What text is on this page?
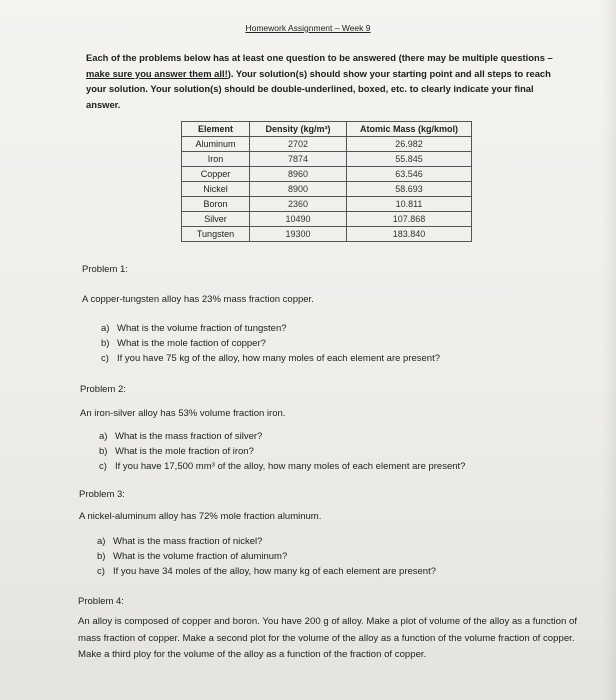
Homework Assignment – Week 9
Each of the problems below has at least one question to be answered (there may be multiple questions – make sure you answer them all!). Your solution(s) should show your starting point and all steps to reach your solution. Your solution(s) should be double-underlined, boxed, etc. to clearly indicate your final answer.
Element	Density (kg/m³)	Atomic Mass (kg/kmol)
Aluminum	2702	26.982
Iron	7874	55.845
Copper	8960	63.546
Nickel	8900	58.693
Boron	2360	10.811
Silver	10490	107.868
Tungsten	19300	183.840
Problem 1:
A copper-tungsten alloy has 23% mass fraction copper.
a) What is the volume fraction of tungsten?
b) What is the mole faction of copper?
c) If you have 75 kg of the alloy, how many moles of each element are present?
Problem 2:
An iron-silver alloy has 53% volume fraction iron.
a) What is the mass fraction of silver?
b) What is the mole fraction of iron?
c) If you have 17,500 mm³ of the alloy, how many moles of each element are present?
Problem 3:
A nickel-aluminum alloy has 72% mole fraction aluminum.
a) What is the mass fraction of nickel?
b) What is the volume fraction of aluminum?
c) If you have 34 moles of the alloy, how many kg of each element are present?
Problem 4:
An alloy is composed of copper and boron. You have 200 g of alloy. Make a plot of volume of the alloy as a function of mass fraction of copper. Make a second plot for the volume of the alloy as a function of the volume fraction of copper. Make a third ploy for the volume of the alloy as a function of the fraction of copper.
